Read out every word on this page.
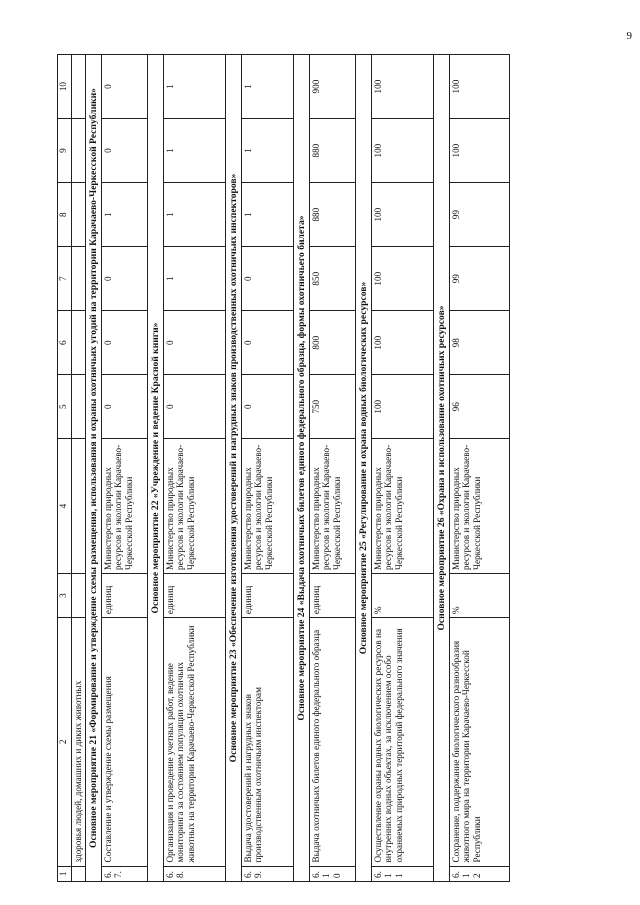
9
1	2	3	4	5	6	7	8	9	10
	здоровья людей, домашних и диких животных								
Основное мероприятие 21 «Формирование и утверждение схемы размещения, использования и охраны охотничьих угодий на территории Карачаево-Черкесской Республики»									
6.7.	Составление и утверждение схемы размещения	единиц	Министерство природных ресурсов и экологии Карачаево-Черкесской Республики	0	0	0	1	0	0
Основное мероприятие 22 «Учреждение и ведение Красной книги»									
6.8.	Организация и проведение учетных работ, ведение мониторинга за состоянием популяции охотничьих животных на территории Карачаево-Черкесской Республики	единиц	Министерство природных ресурсов и экологии Карачаево-Черкесской Республики	0	0	1	1	1	1
Основное мероприятие 23 «Обеспечение изготовления удостоверений и нагрудных знаков производственных охотничьих инспекторов»									
6.9.	Выдача удостоверений и нагрудных знаков производственным охотничьим инспекторам	единиц	Министерство природных ресурсов и экологии Карачаево-Черкесской Республики	0	0	0	1	1	1
Основное мероприятие 24 «Выдача охотничьих билетов единого федерального образца, формы охотничьего билета»									
6.10	Выдача охотничьих билетов единого федерального образца	единиц	Министерство природных ресурсов и экологии Карачаево-Черкесской Республики	750	800	850	880	880	900
Основное мероприятие 25 «Регулирование и охрана водных биологических ресурсов»									
6.11	Осуществление охраны водных биологических ресурсов на внутренних водных объектах, за исключением особо охраняемых природных территорий федерального значения	%	Министерство природных ресурсов и экологии Карачаево-Черкесской Республики	100	100	100	100	100	100
Основное мероприятие 26 «Охрана и использование охотничьих ресурсов»									
6.12	Сохранение, поддержание биологического разнообразия животного мира на территории Карачаево-Черкесской Республики	%	Министерство природных ресурсов и экологии Карачаево-Черкесской Республики	96	98	99	99	100	100
